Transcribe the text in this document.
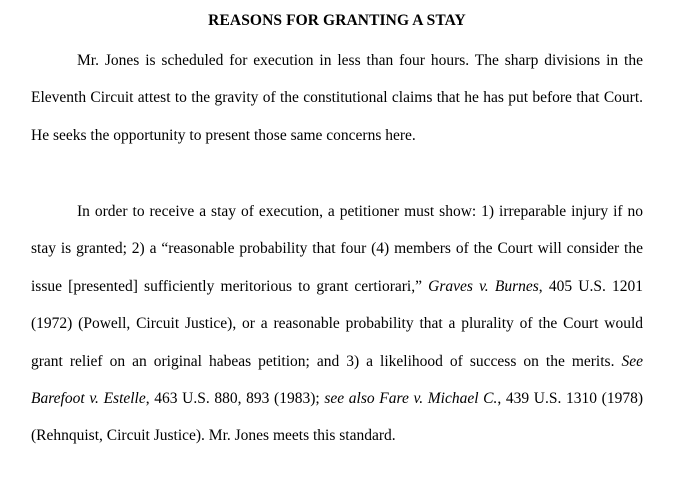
REASONS FOR GRANTING A STAY

Mr. Jones is scheduled for execution in less than four hours. The sharp divisions in the Eleventh Circuit attest to the gravity of the constitutional claims that he has put before that Court. He seeks the opportunity to present those same concerns here.

In order to receive a stay of execution, a petitioner must show: 1) irreparable injury if no stay is granted; 2) a “reasonable probability that four (4) members of the Court will consider the issue [presented] sufficiently meritorious to grant certiorari,” Graves v. Burnes, 405 U.S. 1201 (1972) (Powell, Circuit Justice), or a reasonable probability that a plurality of the Court would grant relief on an original habeas petition; and 3) a likelihood of success on the merits. See Barefoot v. Estelle, 463 U.S. 880, 893 (1983); see also Fare v. Michael C., 439 U.S. 1310 (1978) (Rehnquist, Circuit Justice). Mr. Jones meets this standard.
